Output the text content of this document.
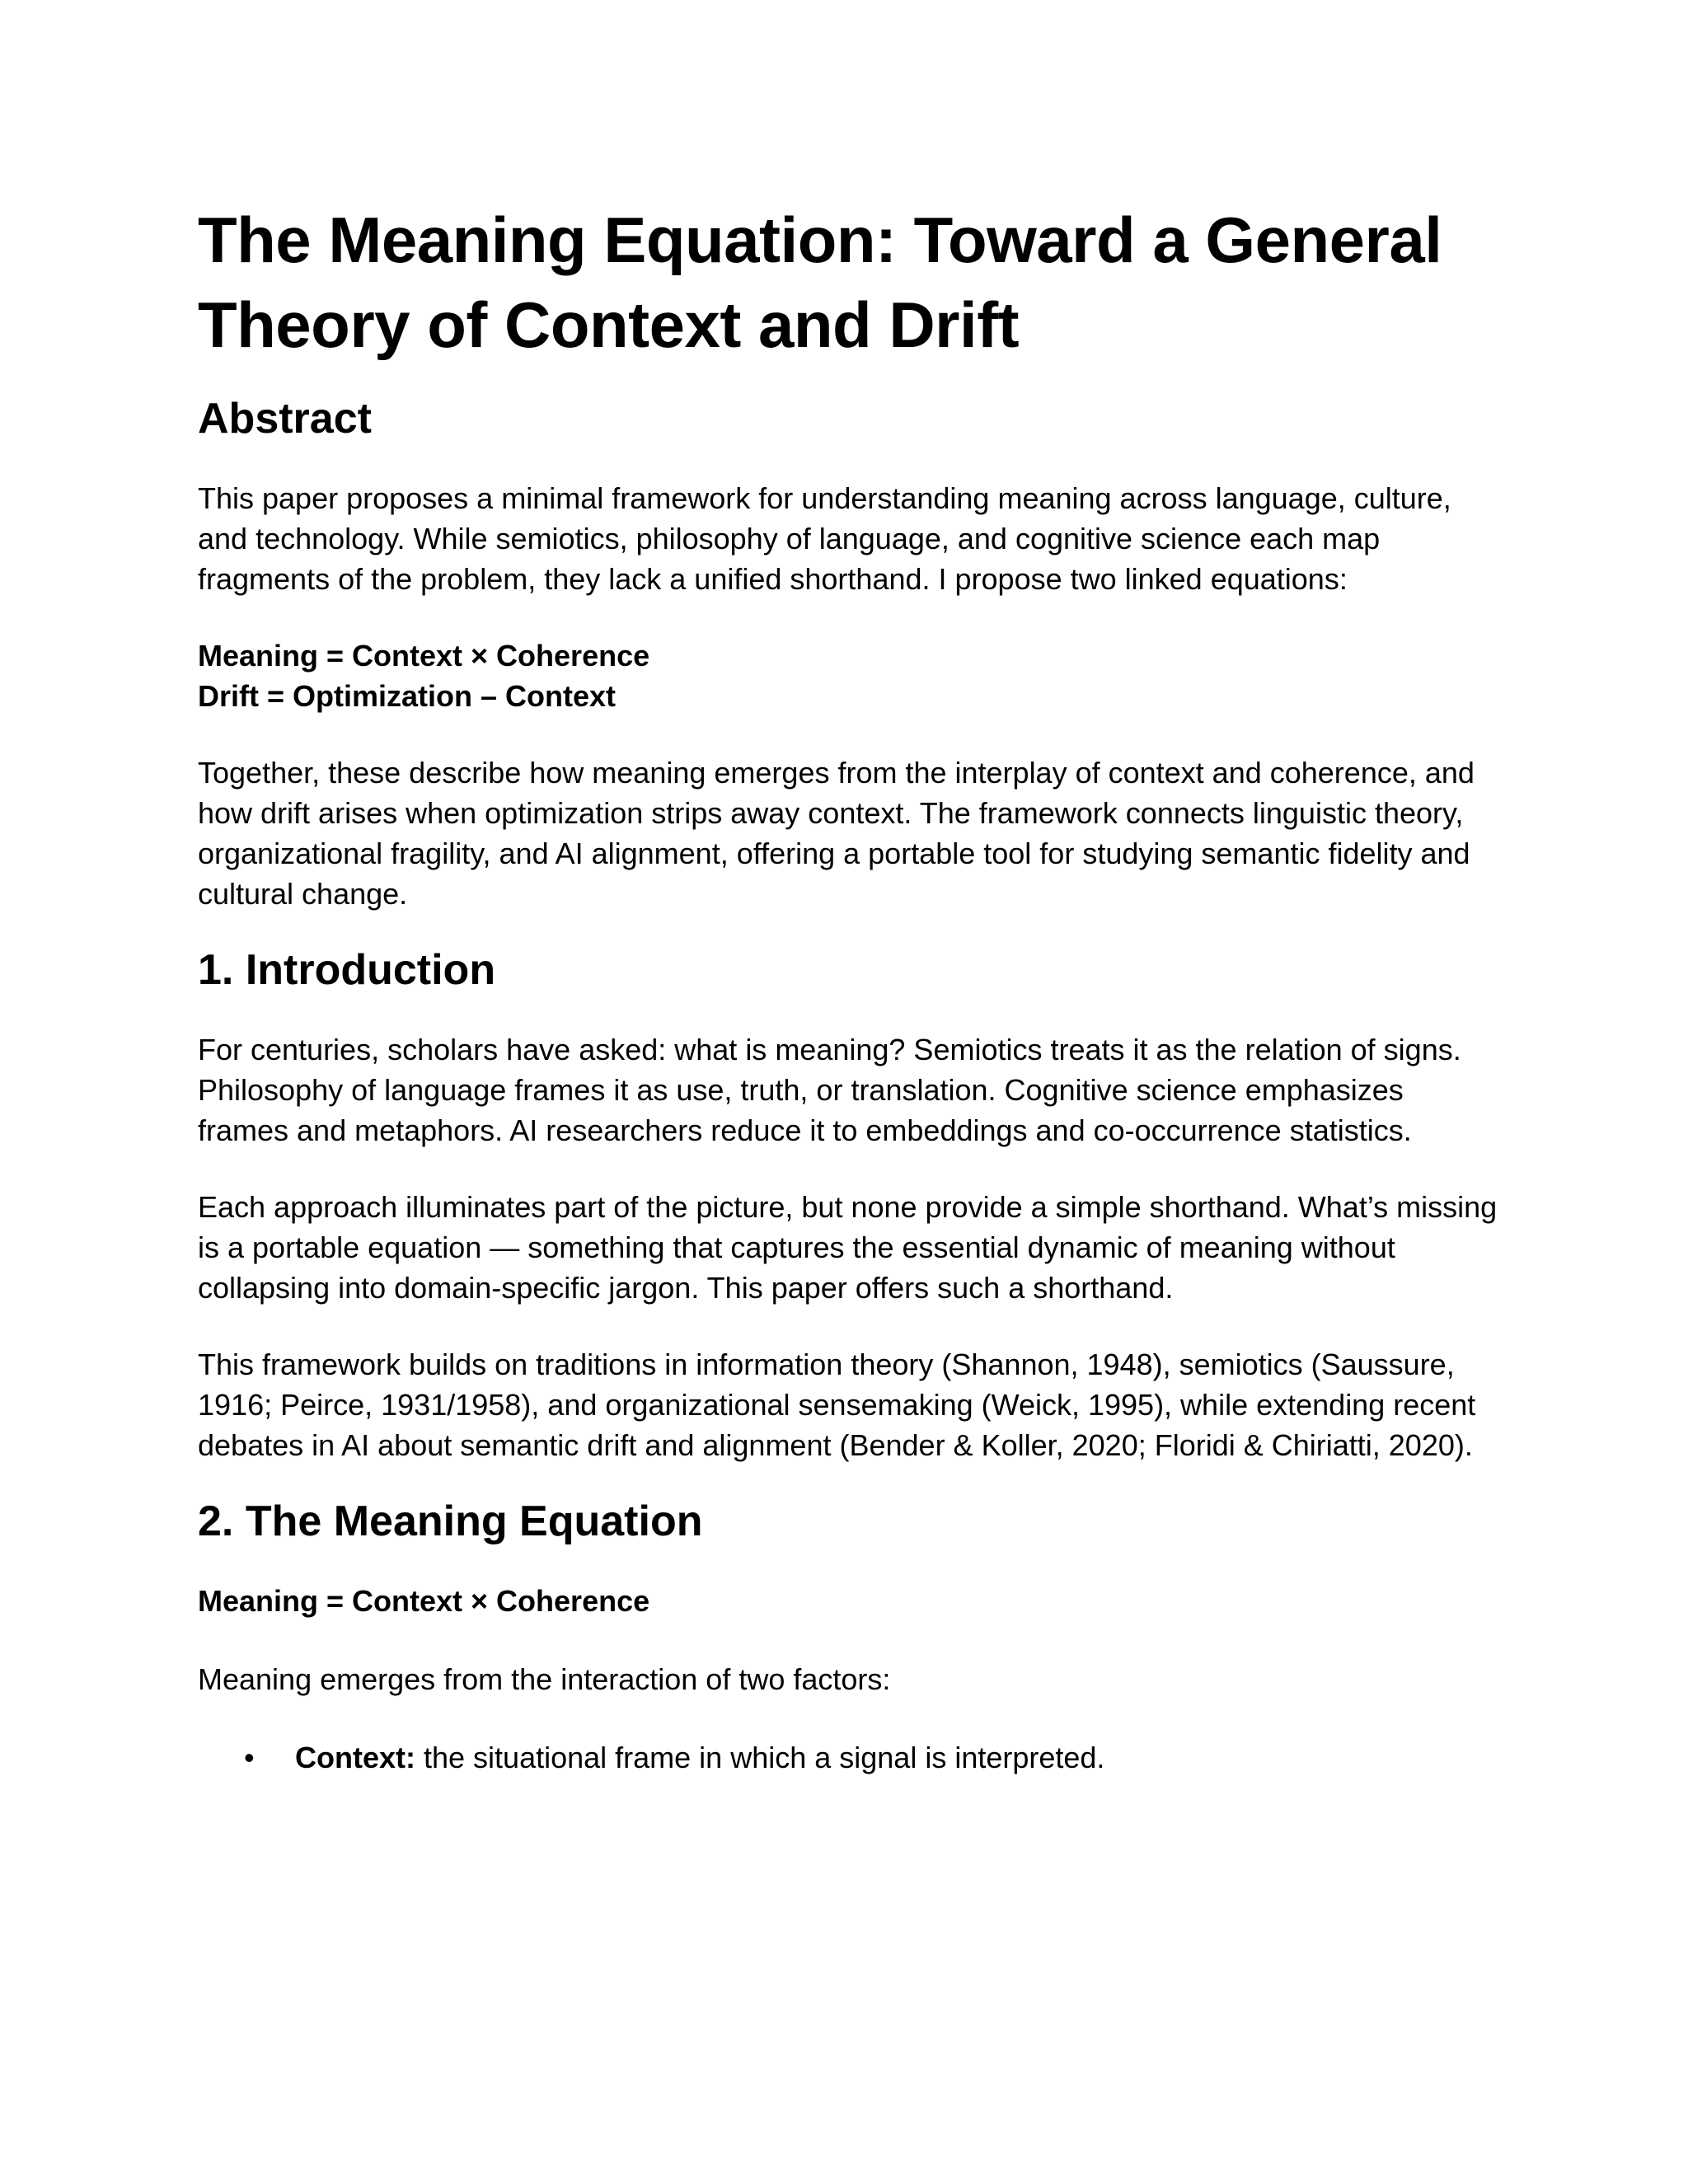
The Meaning Equation: Toward a General
Theory of Context and Drift
Abstract

This paper proposes a minimal framework for understanding meaning across language, culture, and technology. While semiotics, philosophy of language, and cognitive science each map fragments of the problem, they lack a unified shorthand. I propose two linked equations:

Meaning = Context × Coherence
Drift = Optimization – Context

Together, these describe how meaning emerges from the interplay of context and coherence, and how drift arises when optimization strips away context. The framework connects linguistic theory, organizational fragility, and AI alignment, offering a portable tool for studying semantic fidelity and cultural change.

1. Introduction

For centuries, scholars have asked: what is meaning? Semiotics treats it as the relation of signs. Philosophy of language frames it as use, truth, or translation. Cognitive science emphasizes frames and metaphors. AI researchers reduce it to embeddings and co-occurrence statistics.

Each approach illuminates part of the picture, but none provide a simple shorthand. What’s missing is a portable equation — something that captures the essential dynamic of meaning without collapsing into domain-specific jargon. This paper offers such a shorthand.

This framework builds on traditions in information theory (Shannon, 1948), semiotics (Saussure, 1916; Peirce, 1931/1958), and organizational sensemaking (Weick, 1995), while extending recent debates in AI about semantic drift and alignment (Bender & Koller, 2020; Floridi & Chiriatti, 2020).

2. The Meaning Equation

Meaning = Context × Coherence

Meaning emerges from the interaction of two factors:

• Context: the situational frame in which a signal is interpreted.
